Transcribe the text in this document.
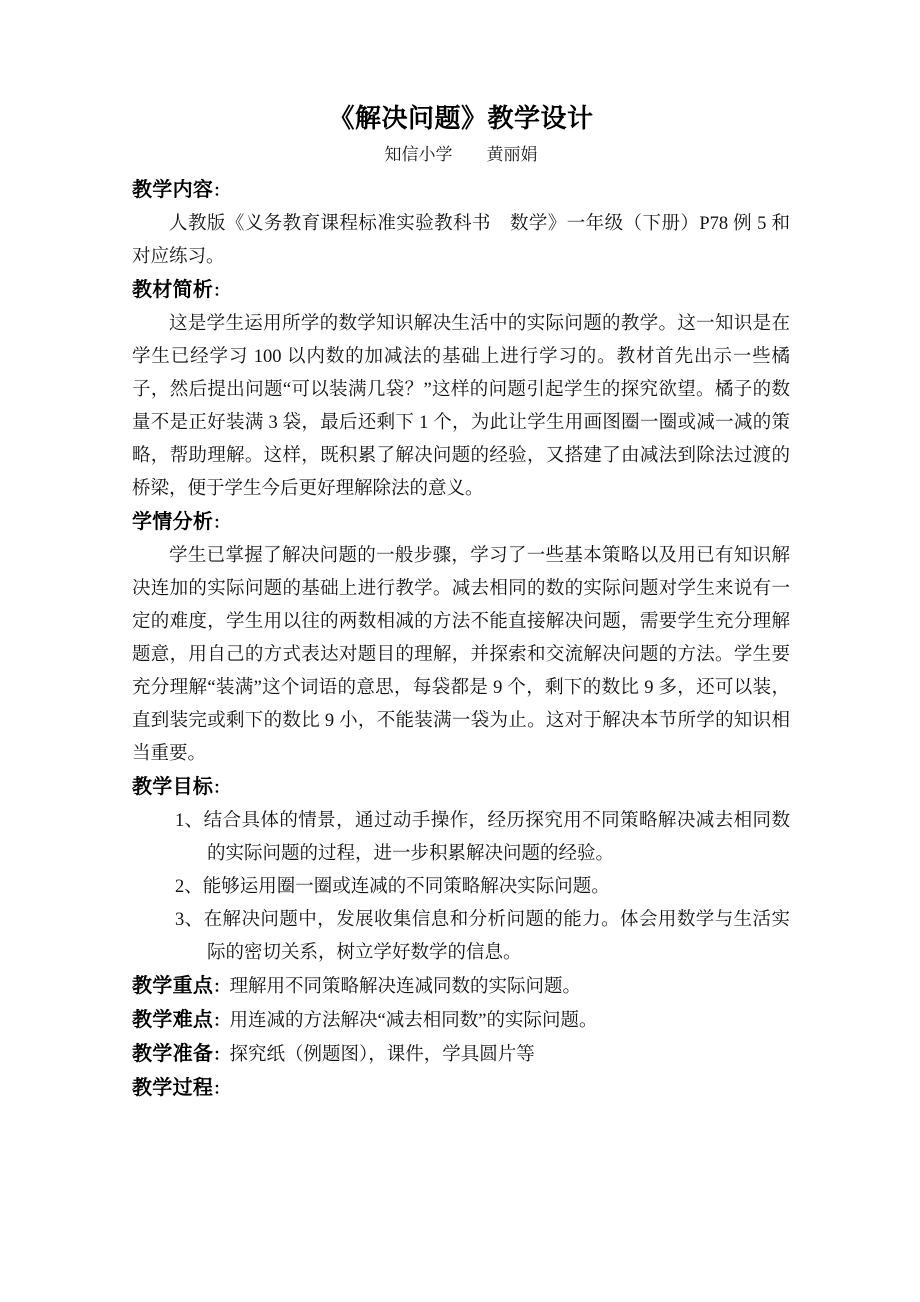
《解决问题》教学设计
知信小学        黄丽娟
教学内容：

人教版《义务教育课程标准实验教科书　数学》一年级（下册）P78 例 5 和对应练习。

教材简析：

这是学生运用所学的数学知识解决生活中的实际问题的教学。这一知识是在学生已经学习 100 以内数的加减法的基础上进行学习的。教材首先出示一些橘子，然后提出问题“可以装满几袋？”这样的问题引起学生的探究欲望。橘子的数量不是正好装满 3 袋，最后还剩下 1 个，为此让学生用画图圈一圈或减一减的策略，帮助理解。这样，既积累了解决问题的经验，又搭建了由减法到除法过渡的桥梁，便于学生今后更好理解除法的意义。

学情分析：

学生已掌握了解决问题的一般步骤，学习了一些基本策略以及用已有知识解决连加的实际问题的基础上进行教学。减去相同的数的实际问题对学生来说有一定的难度，学生用以往的两数相减的方法不能直接解决问题，需要学生充分理解题意，用自己的方式表达对题目的理解，并探索和交流解决问题的方法。学生要充分理解“装满”这个词语的意思，每袋都是 9 个，剩下的数比 9 多，还可以装，直到装完或剩下的数比 9 小，不能装满一袋为止。这对于解决本节所学的知识相当重要。

教学目标：
1、结合具体的情景，通过动手操作，经历探究用不同策略解决减去相同数的实际问题的过程，进一步积累解决问题的经验。
2、能够运用圈一圈或连减的不同策略解决实际问题。
3、在解决问题中，发展收集信息和分析问题的能力。体会用数学与生活实际的密切关系，树立学好数学的信息。
教学重点：理解用不同策略解决连减同数的实际问题。
教学难点：用连减的方法解决“减去相同数”的实际问题。
教学准备：探究纸（例题图），课件，学具圆片等
教学过程：
